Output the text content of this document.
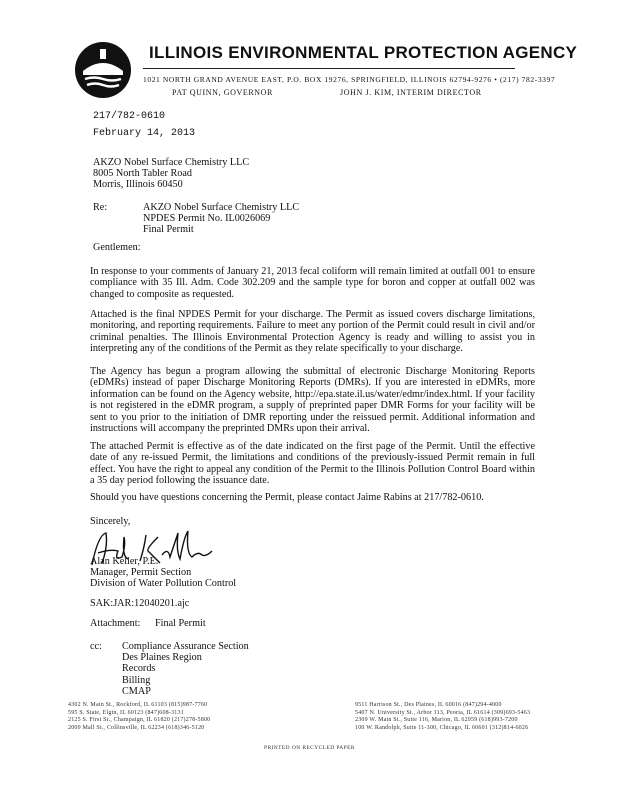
ILLINOIS ENVIRONMENTAL PROTECTION AGENCY
1021 NORTH GRAND AVENUE EAST, P.O. BOX 19276, SPRINGFIELD, ILLINOIS 62794-9276 • (217) 782-3397
PAT QUINN, GOVERNOR	JOHN J. KIM, INTERIM DIRECTOR
217/782-0610
February 14, 2013
AKZO Nobel Surface Chemistry LLC
8005 North Tabler Road
Morris, Illinois 60450
Re:	AKZO Nobel Surface Chemistry LLC
NPDES Permit No. IL0026069
Final Permit
Gentlemen:
In response to your comments of January 21, 2013 fecal coliform will remain limited at outfall 001 to ensure compliance with 35 Ill. Adm. Code 302.209 and the sample type for boron and copper at outfall 002 was changed to composite as requested.
Attached is the final NPDES Permit for your discharge. The Permit as issued covers discharge limitations, monitoring, and reporting requirements. Failure to meet any portion of the Permit could result in civil and/or criminal penalties. The Illinois Environmental Protection Agency is ready and willing to assist you in interpreting any of the conditions of the Permit as they relate specifically to your discharge.
The Agency has begun a program allowing the submittal of electronic Discharge Monitoring Reports (eDMRs) instead of paper Discharge Monitoring Reports (DMRs). If you are interested in eDMRs, more information can be found on the Agency website, http://epa.state.il.us/water/edmr/index.html. If your facility is not registered in the eDMR program, a supply of preprinted paper DMR Forms for your facility will be sent to you prior to the initiation of DMR reporting under the reissued permit. Additional information and instructions will accompany the preprinted DMRs upon their arrival.
The attached Permit is effective as of the date indicated on the first page of the Permit. Until the effective date of any re-issued Permit, the limitations and conditions of the previously-issued Permit remain in full effect. You have the right to appeal any condition of the Permit to the Illinois Pollution Control Board within a 35 day period following the issuance date.
Should you have questions concerning the Permit, please contact Jaime Rabins at 217/782-0610.
Sincerely,
Alan Keller, P.E.
Manager, Permit Section
Division of Water Pollution Control
SAK:JAR:12040201.ajc
Attachment: Final Permit
cc: Compliance Assurance Section
Des Plaines Region
Records
Billing
CMAP
4302 N. Main St., Rockford, IL 61103 (815)987-7760
595 S. State, Elgin, IL 60123 (847)608-3131
2125 S. First St., Champaign, IL 61820 (217)278-5800
2009 Mall St., Collinsville, IL 62234 (618)346-5120
9511 Harrison St., Des Plaines, IL 60016 (847)294-4000
5407 N. University St., Arbor 113, Peoria, IL 61614 (309)693-5463
2309 W. Main St., Suite 116, Marion, IL 62959 (618)993-7200
100 W. Randolph, Suite 11-300, Chicago, IL 60601 (312)814-6026
PRINTED ON RECYCLED PAPER
